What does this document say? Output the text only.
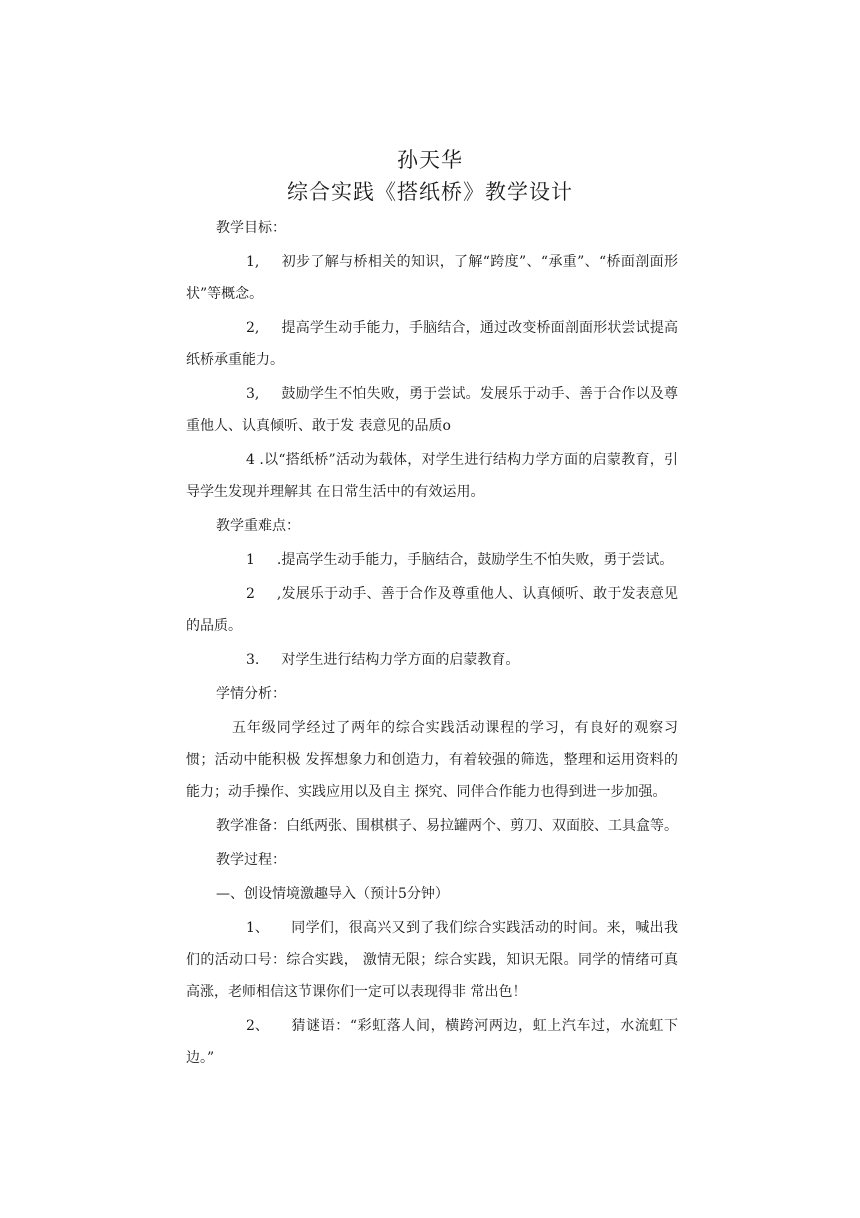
孙天华
综合实践《搭纸桥》教学设计

教学目标：

1, 初步了解与桥相关的知识，了解“跨度”、“承重”、“桥面剖面形状”等概念。

2, 提高学生动手能力，手脑结合，通过改变桥面剖面形状尝试提高纸桥承重能力。

3, 鼓励学生不怕失败，勇于尝试。发展乐于动手、善于合作以及尊重他人、认真倾听、敢于发 表意见的品质o

4 .以“搭纸桥”活动为载体，对学生进行结构力学方面的启蒙教育，引导学生发现并理解其 在日常生活中的有效运用。

教学重难点：

1 .提高学生动手能力，手脑结合，鼓励学生不怕失败，勇于尝试。

2 ,发展乐于动手、善于合作及尊重他人、认真倾听、敢于发表意见的品质。

3. 对学生进行结构力学方面的启蒙教育。

学情分析：

五年级同学经过了两年的综合实践活动课程的学习，有良好的观察习惯；活动中能积极 发挥想象力和创造力，有着较强的筛选，整理和运用资料的能力；动手操作、实践应用以及自主 探究、同伴合作能力也得到进一步加强。

教学准备：白纸两张、围棋棋子、易拉罐两个、剪刀、双面胶、工具盒等。

教学过程：

—、创设情境激趣导入（预计5分钟）

1、 同学们，很高兴又到了我们综合实践活动的时间。来，喊出我们的活动口号：综合实践， 激情无限；综合实践，知识无限。同学的情绪可真高涨，老师相信这节课你们一定可以表现得非 常出色！

2、 猜谜语：“彩虹落人间，横跨河两边，虹上汽车过，水流虹下边。”
